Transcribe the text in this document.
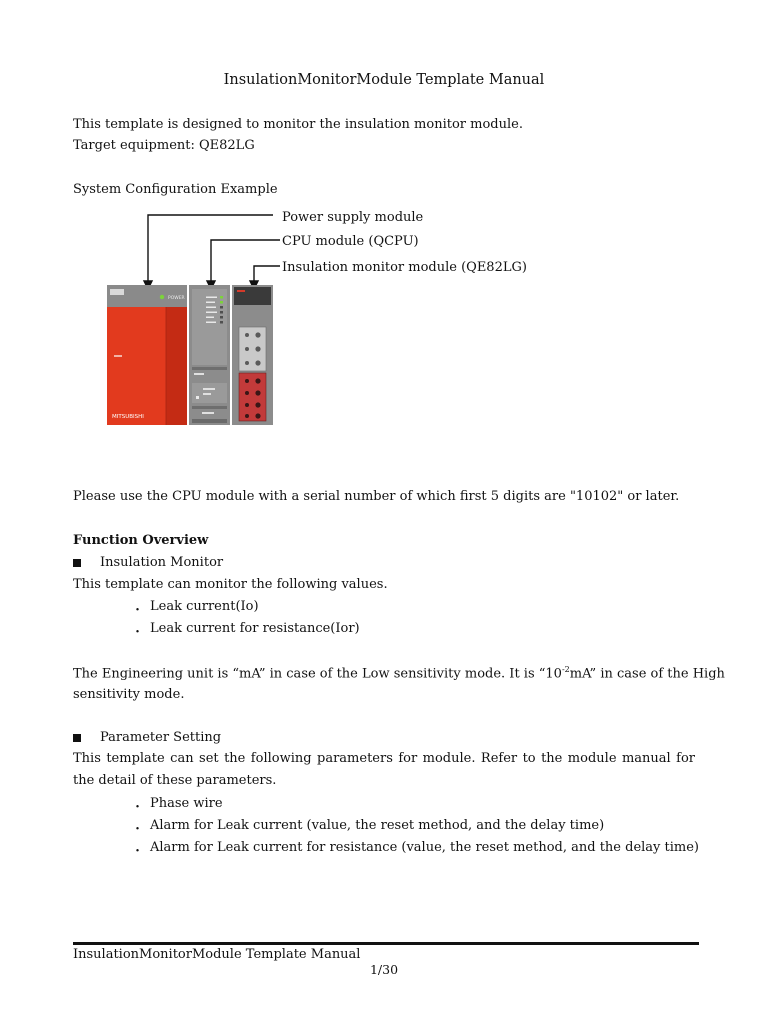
InsulationMonitorModule Template Manual
This template is designed to monitor the insulation monitor module.
Target equipment: QE82LG
System Configuration Example
Power supply module
CPU module (QCPU)
Insulation monitor module (QE82LG)
POWER
MITSUBISHI
Please use the CPU module with a serial number of which first 5 digits are "10102" or later.
Function Overview
Insulation Monitor
This template can monitor the following values.
・ Leak current(Io)
・ Leak current for resistance(Ior)
The Engineering unit is “mA” in case of the Low sensitivity mode. It is “$10^{-2}mA$” in case of the High
sensitivity mode.
Parameter Setting
This template can set the following parameters for module. Refer to the module manual for the detail of these parameters.
・ Phase wire
・ Alarm for Leak current (value, the reset method, and the delay time)
・ Alarm for Leak current for resistance (value, the reset method, and the delay time)
InsulationMonitorModule Template Manual
1/30
